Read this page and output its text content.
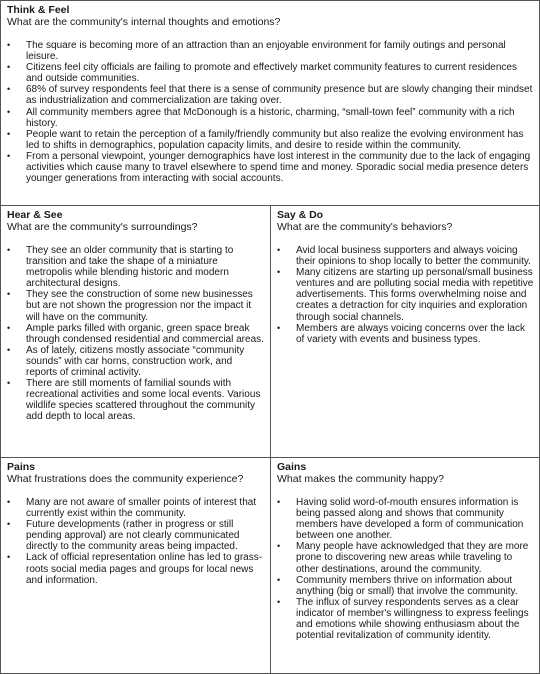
Think & Feel
What are the community's internal thoughts and emotions?
• The square is becoming more of an attraction than an enjoyable environment for family outings and personal leisure.
• Citizens feel city officials are failing to promote and effectively market community features to current residences and outside communities.
• 68% of survey respondents feel that there is a sense of community presence but are slowly changing their mindset as industrialization and commercialization are taking over.
• All community members agree that McDonough is a historic, charming, “small-town feel” community with a rich history.
• People want to retain the perception of a family/friendly community but also realize the evolving environment has led to shifts in demographics, population capacity limits, and desire to reside within the community.
• From a personal viewpoint, younger demographics have lost interest in the community due to the lack of engaging activities which cause many to travel elsewhere to spend time and money. Sporadic social media presence deters younger generations from interacting with social accounts.
Hear & See
What are the community's surroundings?
• They see an older community that is starting to transition and take the shape of a miniature metropolis while blending historic and modern architectural designs.
• They see the construction of some new businesses but are not shown the progression nor the impact it will have on the community.
• Ample parks filled with organic, green space break through condensed residential and commercial areas.
• As of lately, citizens mostly associate “community sounds” with car horns, construction work, and reports of criminal activity.
• There are still moments of familial sounds with recreational activities and some local events. Various wildlife species scattered throughout the community add depth to local areas.
Say & Do
What are the community's behaviors?
• Avid local business supporters and always voicing their opinions to shop locally to better the community.
• Many citizens are starting up personal/small business ventures and are polluting social media with repetitive advertisements. This forms overwhelming noise and creates a detraction for city inquiries and exploration through social channels.
• Members are always voicing concerns over the lack of variety with events and business types.
Pains
What frustrations does the community experience?
• Many are not aware of smaller points of interest that currently exist within the community.
• Future developments (rather in progress or still pending approval) are not clearly communicated directly to the community areas being impacted.
• Lack of official representation online has led to grass-roots social media pages and groups for local news and information.
Gains
What makes the community happy?
• Having solid word-of-mouth ensures information is being passed along and shows that community members have developed a form of communication between one another.
• Many people have acknowledged that they are more prone to discovering new areas while traveling to other destinations, around the community.
• Community members thrive on information about anything (big or small) that involve the community.
• The influx of survey respondents serves as a clear indicator of member's willingness to express feelings and emotions while showing enthusiasm about the potential revitalization of community identity.
